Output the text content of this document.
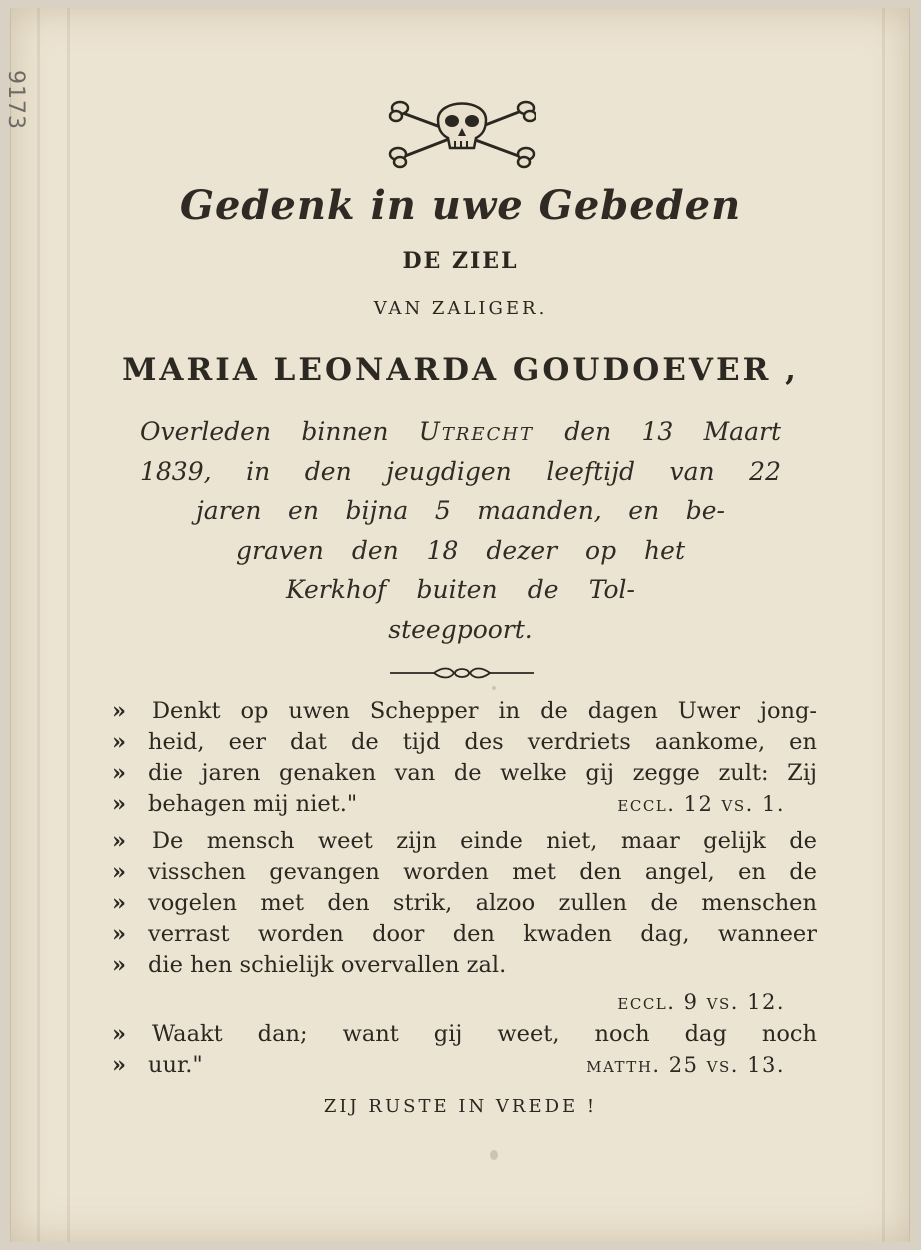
9173
Gedenk in uwe Gebeden
DE ZIEL
VAN ZALIGER.
MARIA LEONARDA GOUDOEVER ,
Overleden binnen Utrecht den 13 Maart
1839, in den jeugdigen leeftijd van 22
jaren en bijna 5 maanden, en be-
graven den 18 dezer op het
Kerkhof buiten de Tol-
steegpoort.
» Denkt op uwen Schepper in de dagen Uwer jong-
» heid, eer dat de tijd des verdriets aankome, en
» die jaren genaken van de welke gij zegge zult: Zij
» behagen mij niet."	eccl. 12 vs. 1.
» De mensch weet zijn einde niet, maar gelijk de
» visschen gevangen worden met den angel, en de
» vogelen met den strik, alzoo zullen de menschen
» verrast worden door den kwaden dag, wanneer
» die hen schielijk overvallen zal.
eccl. 9 vs. 12.
» Waakt dan; want gij weet, noch dag noch
» uur."	matth. 25 vs. 13.
ZIJ RUSTE IN VREDE !
